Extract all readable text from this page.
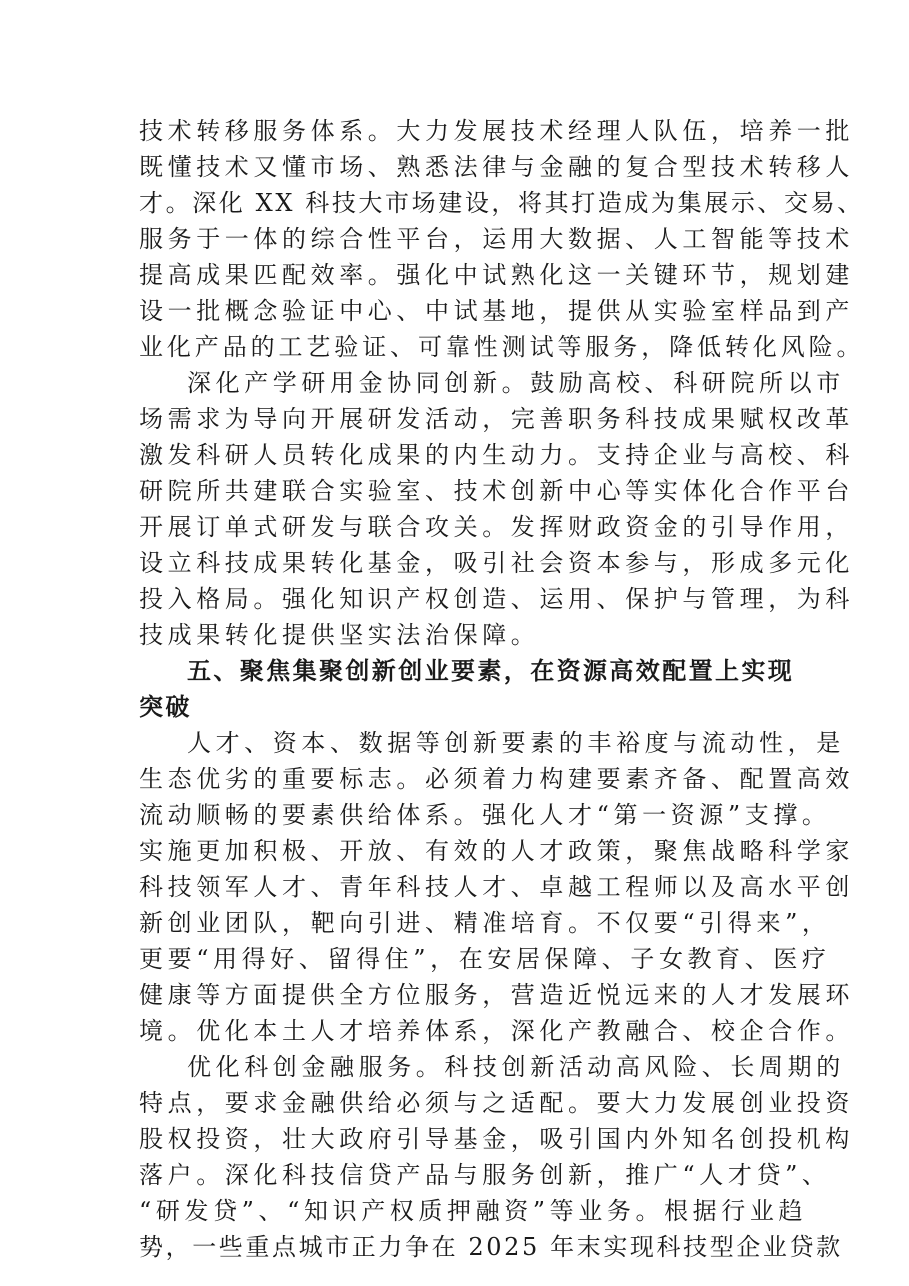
技术转移服务体系。大力发展技术经理人队伍，培养一批
既懂技术又懂市场、熟悉法律与金融的复合型技术转移人
才。深化 XX 科技大市场建设，将其打造成为集展示、交易、
服务于一体的综合性平台，运用大数据、人工智能等技术
提高成果匹配效率。强化中试熟化这一关键环节，规划建
设一批概念验证中心、中试基地，提供从实验室样品到产
业化产品的工艺验证、可靠性测试等服务，降低转化风险。
深化产学研用金协同创新。鼓励高校、科研院所以市
场需求为导向开展研发活动，完善职务科技成果赋权改革
激发科研人员转化成果的内生动力。支持企业与高校、科
研院所共建联合实验室、技术创新中心等实体化合作平台
开展订单式研发与联合攻关。发挥财政资金的引导作用，
设立科技成果转化基金，吸引社会资本参与，形成多元化
投入格局。强化知识产权创造、运用、保护与管理，为科
技成果转化提供坚实法治保障。
五、聚焦集聚创新创业要素，在资源高效配置上实现
突破
人才、资本、数据等创新要素的丰裕度与流动性，是
生态优劣的重要标志。必须着力构建要素齐备、配置高效
流动顺畅的要素供给体系。强化人才“第一资源”支撑。
实施更加积极、开放、有效的人才政策，聚焦战略科学家
科技领军人才、青年科技人才、卓越工程师以及高水平创
新创业团队，靶向引进、精准培育。不仅要“引得来”，
更要“用得好、留得住”，在安居保障、子女教育、医疗
健康等方面提供全方位服务，营造近悦远来的人才发展环
境。优化本土人才培养体系，深化产教融合、校企合作。
优化科创金融服务。科技创新活动高风险、长周期的
特点，要求金融供给必须与之适配。要大力发展创业投资
股权投资，壮大政府引导基金，吸引国内外知名创投机构
落户。深化科技信贷产品与服务创新，推广“人才贷”、
“研发贷”、“知识产权质押融资”等业务。根据行业趋
势，一些重点城市正力争在 2025 年末实现科技型企业贷款
